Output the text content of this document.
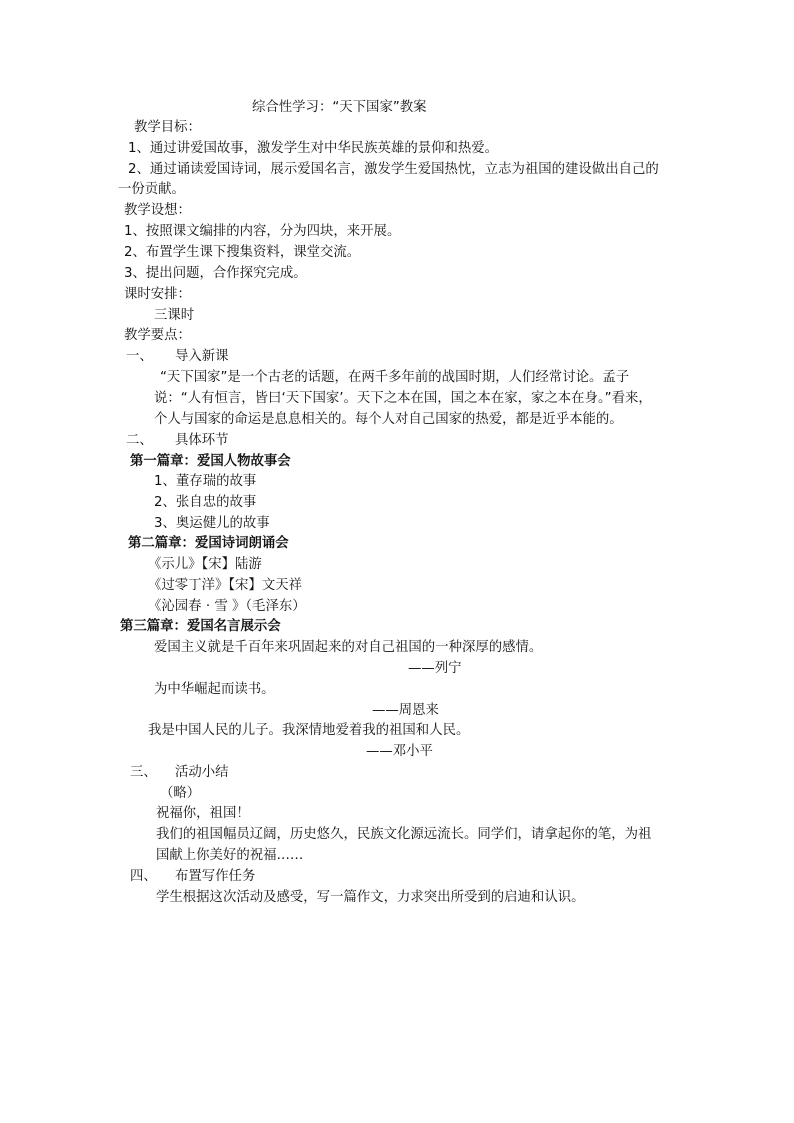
综合性学习：“天下国家”教案
教学目标：
1、通过讲爱国故事，激发学生对中华民族英雄的景仰和热爱。
2、通过诵读爱国诗词，展示爱国名言，激发学生爱国热忱，立志为祖国的建设做出自己的
一份贡献。
教学设想：
1、按照课文编排的内容，分为四块，来开展。
2、布置学生课下搜集资料，课堂交流。
3、提出问题，合作探究完成。
课时安排：
三课时
教学要点：
一、 导入新课
“天下国家”是一个古老的话题，在两千多年前的战国时期，人们经常讨论。孟子
说：“人有恒言，皆曰‘天下国家’。天下之本在国，国之本在家，家之本在身。”看来，
个人与国家的命运是息息相关的。每个人对自己国家的热爱，都是近乎本能的。
二、 具体环节
第一篇章：爱国人物故事会
1、董存瑞的故事
2、张自忠的故事
3、奥运健儿的故事
第二篇章：爱国诗词朗诵会
《示儿》【宋】陆游
《过零丁洋》【宋】文天祥
《沁园春 · 雪 》（毛泽东）
第三篇章：爱国名言展示会
爱国主义就是千百年来巩固起来的对自己祖国的一种深厚的感情。
——列宁
为中华崛起而读书。
——周恩来
我是中国人民的儿子。我深情地爱着我的祖国和人民。
——邓小平
三、 活动小结
（略）
祝福你，祖国！
我们的祖国幅员辽阔，历史悠久，民族文化源远流长。同学们，请拿起你的笔，为祖
国献上你美好的祝福……
四、 布置写作任务
学生根据这次活动及感受，写一篇作文，力求突出所受到的启迪和认识。
